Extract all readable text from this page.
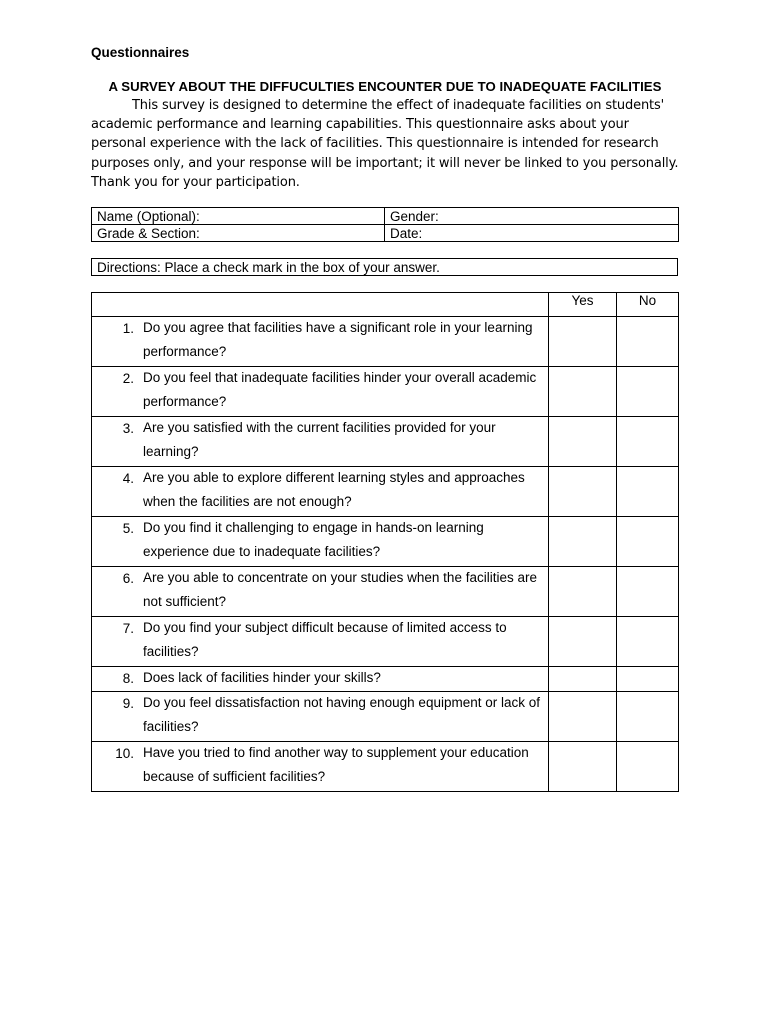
Questionnaires
A SURVEY ABOUT THE DIFFUCULTIES ENCOUNTER DUE TO INADEQUATE FACILITIES
This survey is designed to determine the effect of inadequate facilities on students' academic performance and learning capabilities. This questionnaire asks about your personal experience with the lack of facilities. This questionnaire is intended for research purposes only, and your response will be important; it will never be linked to you personally. Thank you for your participation.
Name (Optional):	Gender:
Grade & Section:	Date:
Directions: Place a check mark in the box of your answer.
	Yes	No

1. Do you agree that facilities have a significant role in your learning performance?		

2. Do you feel that inadequate facilities hinder your overall academic performance?		

3. Are you satisfied with the current facilities provided for your learning?		

4. Are you able to explore different learning styles and approaches when the facilities are not enough?		

5. Do you find it challenging to engage in hands-on learning experience due to inadequate facilities?		

6. Are you able to concentrate on your studies when the facilities are not sufficient?		

7. Do you find your subject difficult because of limited access to facilities?		

8. Does lack of facilities hinder your skills?		

9. Do you feel dissatisfaction not having enough equipment or lack of facilities?		

10. Have you tried to find another way to supplement your education because of sufficient facilities?		
